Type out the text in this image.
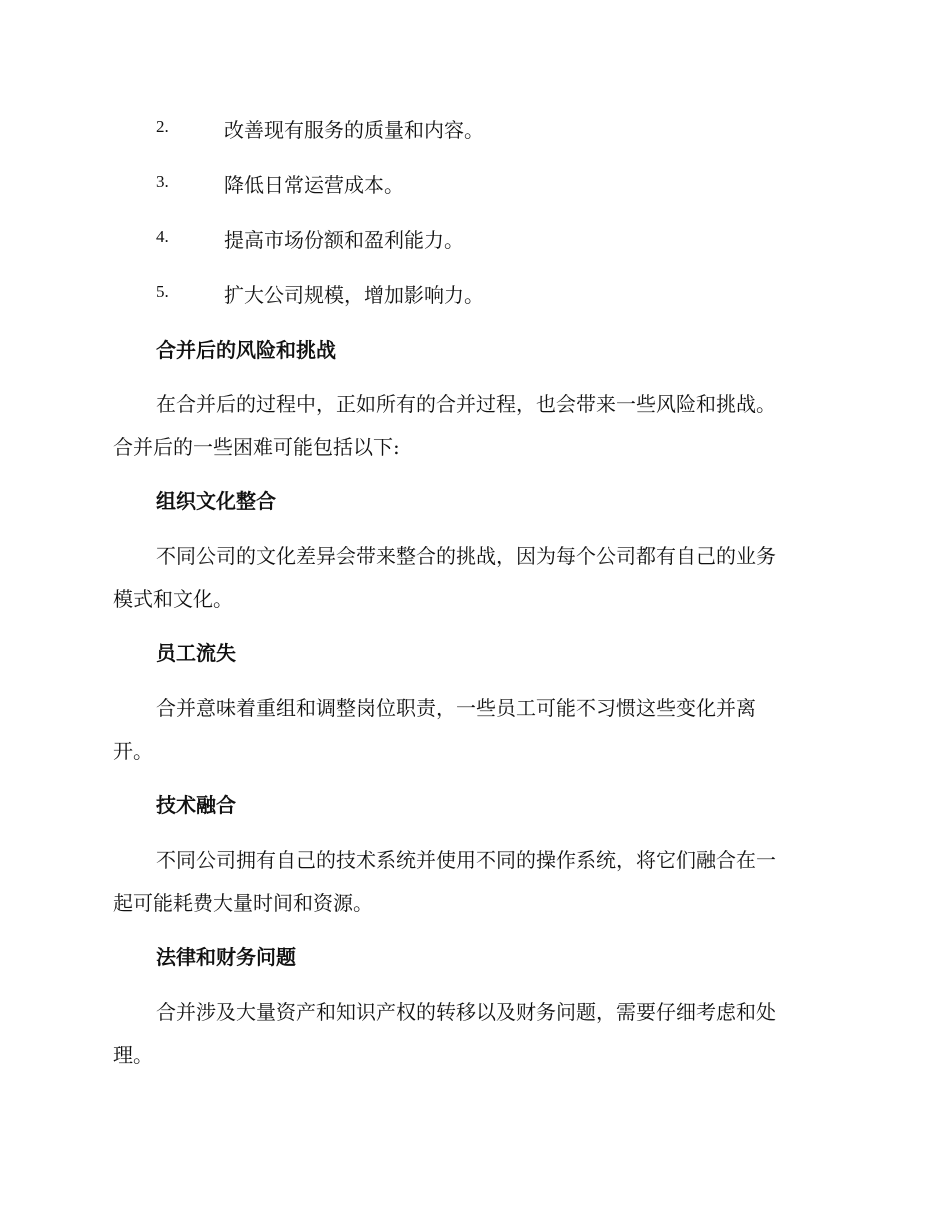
2.	改善现有服务的质量和内容。
3.	降低日常运营成本。
4.	提高市场份额和盈利能力。
5.	扩大公司规模，增加影响力。
合并后的风险和挑战
在合并后的过程中，正如所有的合并过程，也会带来一些风险和挑战。
合并后的一些困难可能包括以下:
组织文化整合
不同公司的文化差异会带来整合的挑战，因为每个公司都有自己的业务
模式和文化。
员工流失
合并意味着重组和调整岗位职责，一些员工可能不习惯这些变化并离
开。
技术融合
不同公司拥有自己的技术系统并使用不同的操作系统，将它们融合在一
起可能耗费大量时间和资源。
法律和财务问题
合并涉及大量资产和知识产权的转移以及财务问题，需要仔细考虑和处
理。
